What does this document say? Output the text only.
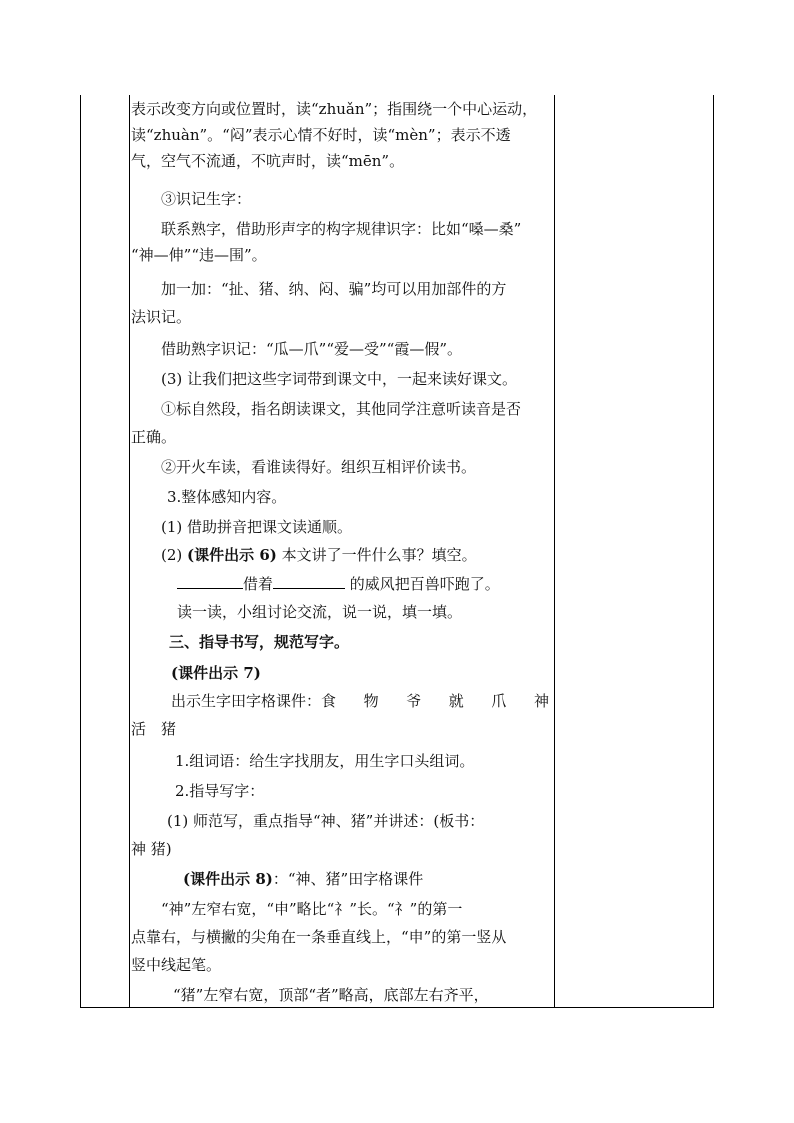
表示改变方向或位置时，读“zhuǎn”；指围绕一个中心运动，
读“zhuàn”。“闷”表示心情不好时，读“mèn”；表示不透
气，空气不流通，不吭声时，读“mēn”。
③识记生字：
联系熟字，借助形声字的构字规律识字：比如“嗓—桑”
“神—伸”“违—围”。
加一加：“扯、猪、纳、闷、骗”均可以用加部件的方
法识记。
借助熟字识记：“瓜—爪”“爱—受”“霞—假”。
(3) 让我们把这些字词带到课文中，一起来读好课文。
①标自然段，指名朗读课文，其他同学注意听读音是否
正确。
②开火车读，看谁读得好。组织互相评价读书。
3.整体感知内容。
(1) 借助拼音把课文读通顺。
(2) (课件出示 6) 本文讲了一件什么事？填空。
借着	的威风把百兽吓跑了。
读一读，小组讨论交流，说一说，填一填。
三、指导书写，规范写字。
(课件出示 7)
出示生字田字格课件：食 物 爷 就 爪 神
活　猪
1.组词语：给生字找朋友，用生字口头组词。
2.指导写字：
(1) 师范写，重点指导“神、猪”并讲述：(板书：
神 猪)
(课件出示 8)：“神、猪”田字格课件
“神”左窄右宽，“申”略比“礻”长。“礻”的第一
点靠右，与横撇的尖角在一条垂直线上，“申”的第一竖从
竖中线起笔。
“猪”左窄右宽，顶部“者”略高，底部左右齐平，
